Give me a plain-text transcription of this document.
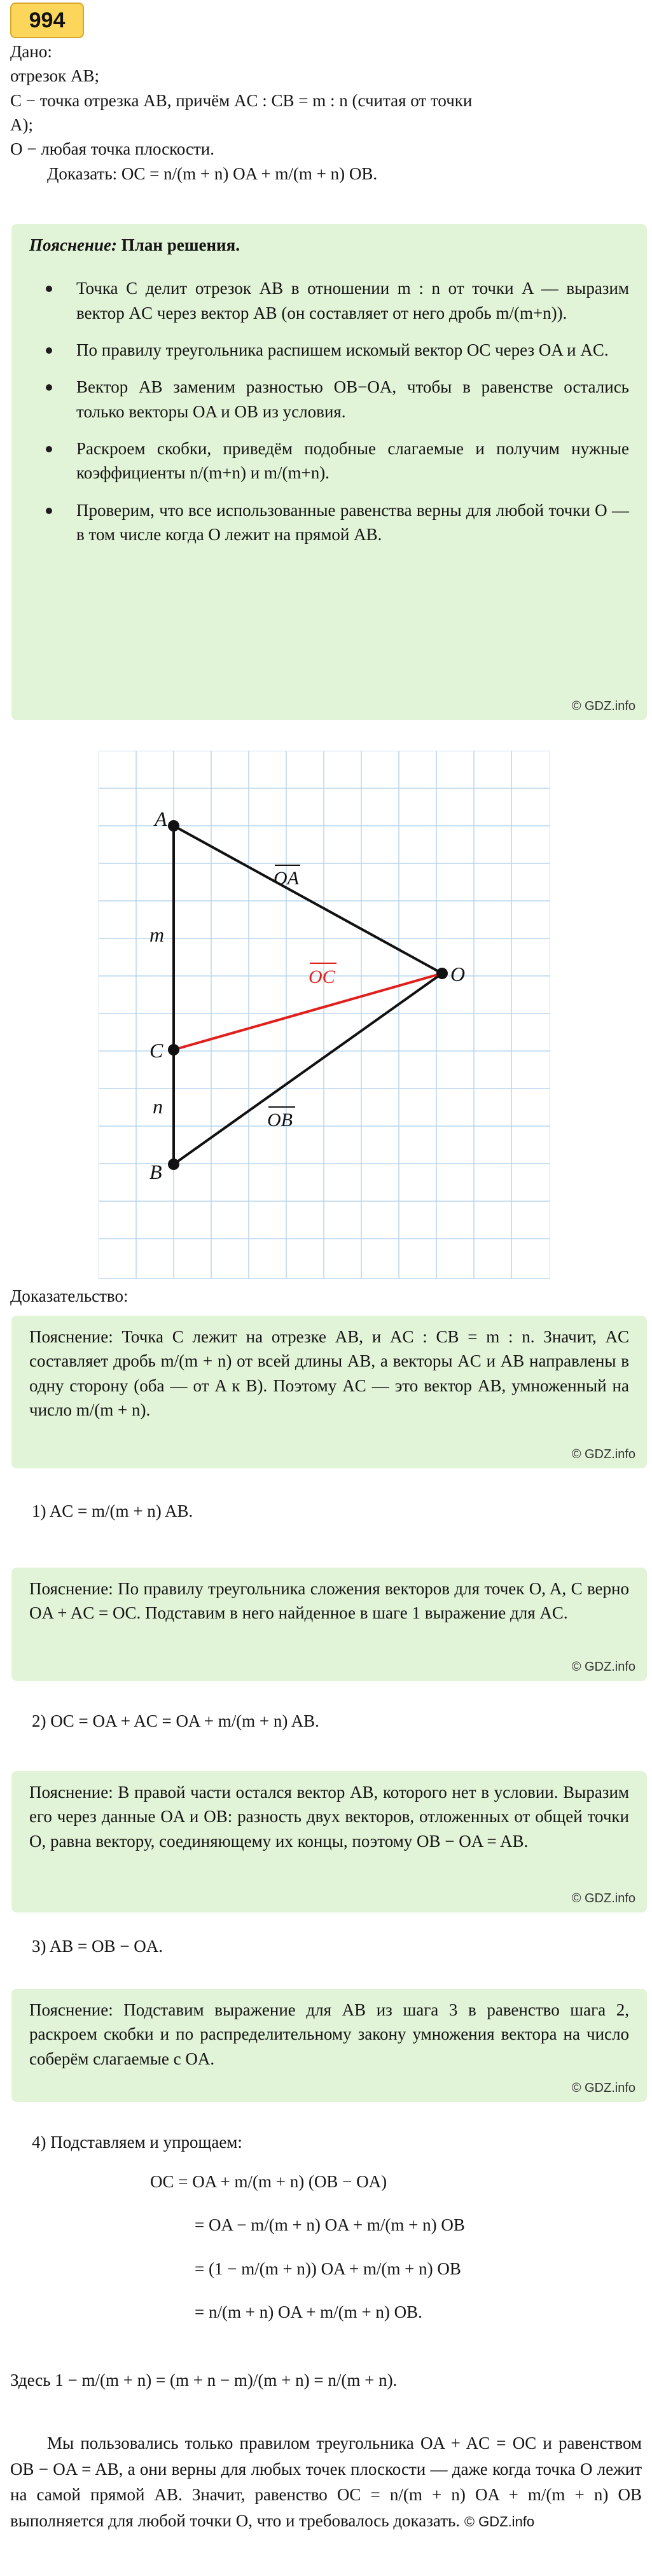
994
Дано:
отрезок AB;
C − точка отрезка AB, причём AC : CB = m : n (считая от точки
A);
O − любая точка плоскости.
Доказать: OC = n/(m + n) OA + m/(m + n) OB.

Пояснение: План решения.

Точка C делит отрезок AB в отношении m : n от точки A — выразим вектор AC через вектор AB (он составляет от него дробь m/(m+n)).
По правилу треугольника распишем искомый вектор OC через OA и AC.
Вектор AB заменим разностью OB−OA, чтобы в равенстве остались только векторы OA и OB из условия.
Раскроем скобки, приведём подобные слагаемые и получим нужные коэффициенты n/(m+n) и m/(m+n).
Проверим, что все использованные равенства верны для любой точки O — в том числе когда O лежит на прямой AB.
© GDZ.info
A
B
C
O
m
n
OA
OB
OC
Доказательство:

Пояснение: Точка C лежит на отрезке AB, и AC : CB = m : n. Значит, AC составляет дробь m/(m + n) от всей длины AB, а векторы AC и AB направлены в одну сторону (оба — от A к B). Поэтому AC — это вектор AB, умноженный на число m/(m + n).

© GDZ.info
1) AC = m/(m + n) AB.

Пояснение: По правилу треугольника сложения векторов для точек O, A, C верно OA + AC = OC. Подставим в него найденное в шаге 1 выражение для AC.

© GDZ.info
2) OC = OA + AC = OA + m/(m + n) AB.

Пояснение: В правой части остался вектор AB, которого нет в условии. Выразим его через данные OA и OB: разность двух векторов, отложенных от общей точки O, равна вектору, соединяющему их концы, поэтому OB − OA = AB.

© GDZ.info
3) AB = OB − OA.

Пояснение: Подставим выражение для AB из шага 3 в равенство шага 2, раскроем скобки и по распределительному закону умножения вектора на число соберём слагаемые с OA.

© GDZ.info
4) Подставляем и упрощаем:

OC = OA + m/(m + n) (OB − OA)

= OA − m/(m + n) OA + m/(m + n) OB

= (1 − m/(m + n)) OA + m/(m + n) OB

= n/(m + n) OA + m/(m + n) OB.

Здесь 1 − m/(m + n) = (m + n − m)/(m + n) = n/(m + n).
Мы пользовались только правилом треугольника OA + AC = OC и равенством OB − OA = AB, а они верны для любых точек плоскости — даже когда точка O лежит на самой прямой AB. Значит, равенство OC = n/(m + n) OA + m/(m + n) OB выполняется для любой точки O, что и требовалось доказать. © GDZ.info
